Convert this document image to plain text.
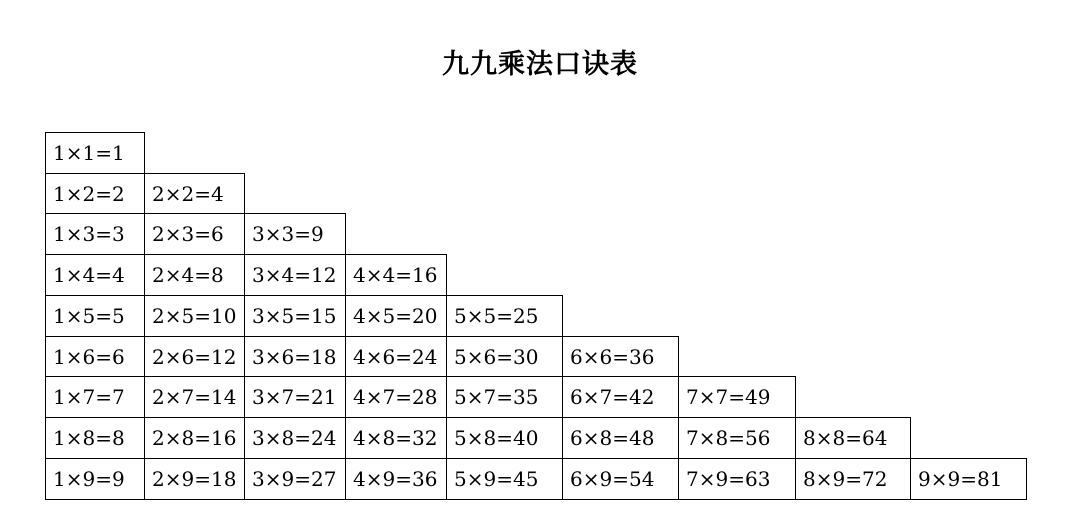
九九乘法口诀表
1×1=1
1×2=2	2×2=4
1×3=3	2×3=6	3×3=9
1×4=4	2×4=8	3×4=12 4×4=16
1×5=5	2×5=10 3×5=15 4×5=20 5×5=25
1×6=6	2×6=12 3×6=18 4×6=24 5×6=30	6×6=36
1×7=7	2×7=14 3×7=21 4×7=28 5×7=35	6×7=42	7×7=49
1×8=8	2×8=16 3×8=24 4×8=32 5×8=40	6×8=48	7×8=56	8×8=64
1×9=9	2×9=18 3×9=27 4×9=36 5×9=45	6×9=54	7×9=63	8×9=72	9×9=81
